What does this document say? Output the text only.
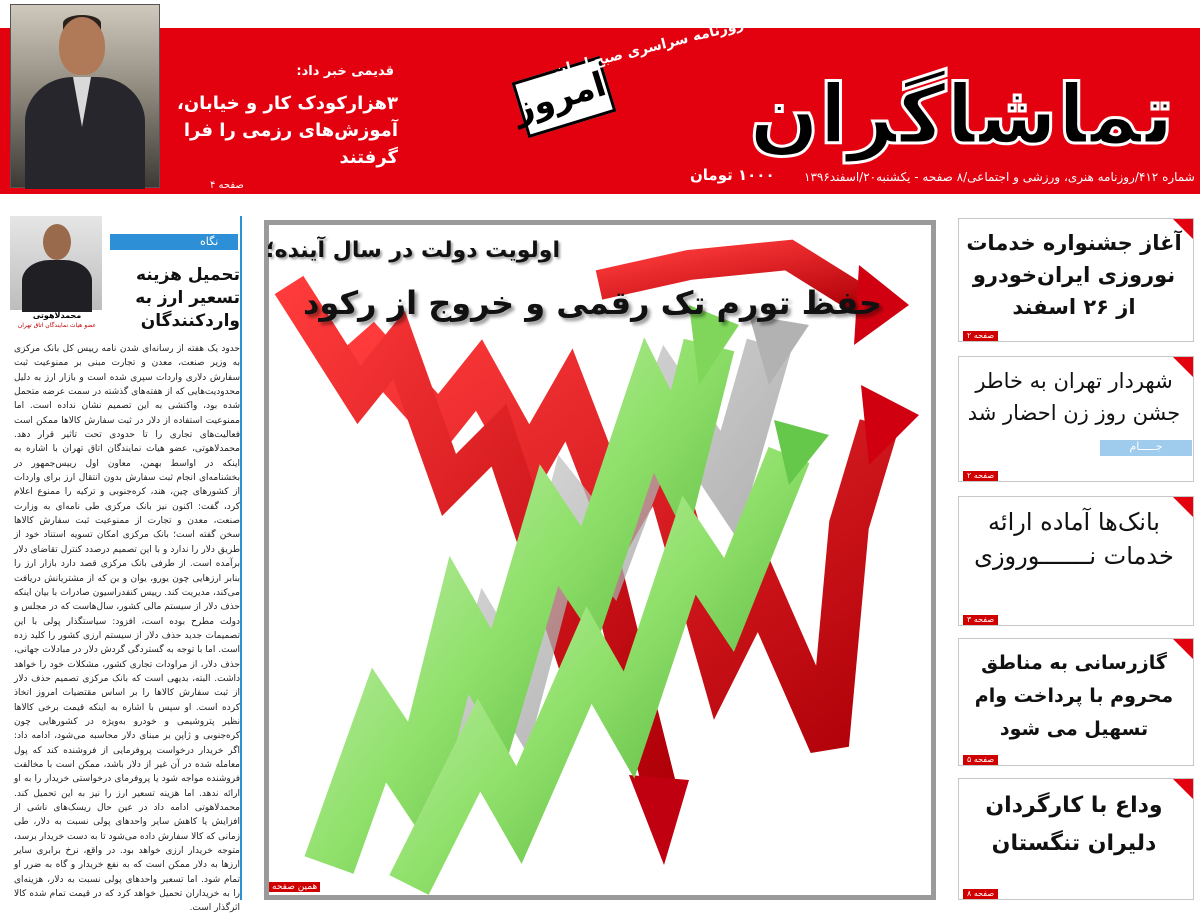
قدیمی خبر داد:
۳هزارکودک کار و خیابان، آموزش‌های رزمی را فرا گرفتند
صفحه ۴
تماشاگران
امروز
روزنامه سراسری صبح ایران
شماره ۴۱۲/روزنامه هنری، ورزشی و اجتماعی/۸ صفحه - یکشنبه۲۰/اسفند۱۳۹۶
۱۰۰۰ تومان
نگاه
محمدلاهوتی
عضو هیات نمایندگان اتاق تهران
تحمیل هزینه تسعیر ارز به واردکنندگان
حدود یک هفته از رسانه‌ای شدن نامه رییس کل بانک مرکزی به وزیر صنعت، معدن و تجارت مبنی بر ممنوعیت ثبت سفارش دلاری واردات سپری شده است و بازار ارز به دلیل محدودیت‌هایی که از هفته‌های گذشته در سمت عرضه متحمل شده بود، واکنشی به این تصمیم نشان نداده است. اما ممنوعیت استفاده از دلار در ثبت سفارش کالاها ممکن است فعالیت‌های تجاری را تا حدودی تحت تاثیر قرار دهد. محمدلاهوتی، عضو هیات نمایندگان اتاق تهران با اشاره به اینکه در اواسط بهمن، معاون اول رییس‌جمهور در بخشنامه‌ای انجام ثبت سفارش بدون انتقال ارز برای واردات از کشورهای چین، هند، کره‌جنوبی و ترکیه را ممنوع اعلام کرد، گفت: اکنون نیز بانک مرکزی طی نامه‌ای به وزارت صنعت، معدن و تجارت از ممنوعیت ثبت سفارش کالاها سخن گفته است؛ بانک مرکزی امکان تسویه استناد خود از طریق دلار را ندارد و با این تصمیم درصدد کنترل تقاضای دلار برآمده است. از طرفی بانک مرکزی قصد دارد بازار ارز را بنابر ارزهایی چون یورو، یوان و ین که از مشتریانش دریافت می‌کند، مدیریت کند. رییس کنفدراسیون صادرات با بیان اینکه حذف دلار از سیستم مالی کشور، سال‌هاست که در مجلس و دولت مطرح بوده است، افزود: سیاستگذار پولی با این تصمیمات جدید حذف دلار از سیستم ارزی کشور را کلید زده است. اما با توجه به گستردگی گردش دلار در مبادلات جهانی، حذف دلار، از مراودات تجاری کشور، مشکلات خود را خواهد داشت. البته، بدیهی است که بانک مرکزی تصمیم حذف دلار از ثبت سفارش کالاها را بر اساس مقتضیات امروز اتخاذ کرده است. او سپس با اشاره به اینکه قیمت برخی کالاها نظیر پتروشیمی و خودرو به‌ویژه در کشورهایی چون کره‌جنوبی و ژاپن بر مبنای دلار محاسبه می‌شود، ادامه داد: اگر خریدار درخواست پروفرمایی از فروشنده کند که پول معامله شده در آن غیر از دلار باشد، ممکن است با مخالفت فروشنده مواجه شود یا پروفرمای درخواستی خریدار را به او ارائه ندهد. اما هزینه تسعیر ارز را نیز به این تحمیل کند. محمدلاهوتی ادامه داد در عین حال ریسک‌های ناشی از افزایش یا کاهش سایر واحدهای پولی نسبت به دلار، طی زمانی که کالا سفارش داده می‌شود تا به دست خریدار برسد، متوجه خریدار ارزی خواهد بود. در واقع، نرخ برابری سایر ارزها به دلار ممکن است که به نفع خریدار و گاه به ضرر او تمام شود. اما تسعیر واحدهای پولی نسبت به دلار، هزینه‌ای را به خریداران تحمیل خواهد کرد که در قیمت تمام شده کالا اثرگذار است.
اولویت دولت در سال آینده؛
حفظ تورم تک رقمی و خروج از رکود
همین صفحه
آغاز جشنواره خدمات نوروزی ایران‌خودرو از ۲۶ اسفند
صفحه ۲
شهردار تهران به خاطر جشن روز زن احضار شد
صفحه ۲
جـــــام
بانک‌ها آماده ارائه خدمات نـــــــوروزی
صفحه ۳
گازرسانی به مناطق محروم با پرداخت وام تسهیل می شود
صفحه ۵
وداع با کارگردان دلیران تنگستان
صفحه ۸
